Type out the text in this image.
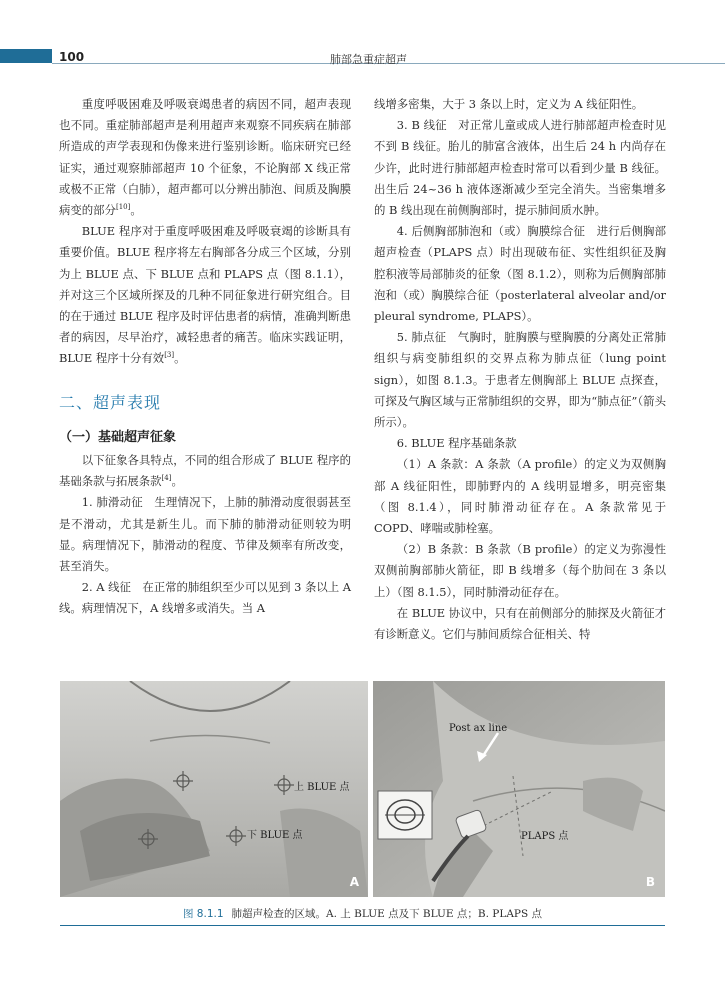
100	肺部急重症超声

重度呼吸困难及呼吸衰竭患者的病因不同，超声表现也不同。重症肺部超声是利用超声来观察不同疾病在肺部所造成的声学表现和伪像来进行鉴别诊断。临床研究已经证实，通过观察肺部超声 10 个征象，不论胸部 X 线正常或极不正常（白肺），超声都可以分辨出肺泡、间质及胸膜病变的部分[10]。

BLUE 程序对于重度呼吸困难及呼吸衰竭的诊断具有重要价值。BLUE 程序将左右胸部各分成三个区域，分别为上 BLUE 点、下 BLUE 点和 PLAPS 点（图 8.1.1），并对这三个区域所探及的几种不同征象进行研究组合。目的在于通过 BLUE 程序及时评估患者的病情，准确判断患者的病因，尽早治疗，减轻患者的痛苦。临床实践证明，BLUE 程序十分有效[3]。

二、超声表现
（一）基础超声征象

以下征象各具特点，不同的组合形成了 BLUE 程序的基础条款与拓展条款[4]。

1. 肺滑动征　生理情况下，上肺的肺滑动度很弱甚至是不滑动，尤其是新生儿。而下肺的肺滑动征则较为明显。病理情况下，肺滑动的程度、节律及频率有所改变，甚至消失。

2. A 线征　在正常的肺组织至少可以见到 3 条以上 A 线。病理情况下，A 线增多或消失。当 A

线增多密集，大于 3 条以上时，定义为 A 线征阳性。

3. B 线征　对正常儿童或成人进行肺部超声检查时见不到 B 线征。胎儿的肺富含液体，出生后 24 h 内尚存在少许，此时进行肺部超声检查时常可以看到少量 B 线征。出生后 24~36 h 液体逐渐减少至完全消失。当密集增多的 B 线出现在前侧胸部时，提示肺间质水肿。

4. 后侧胸部肺泡和（或）胸膜综合征　进行后侧胸部超声检查（PLAPS 点）时出现破布征、实性组织征及胸腔积液等局部肺炎的征象（图 8.1.2），则称为后侧胸部肺泡和（或）胸膜综合征（posterlateral alveolar and/or pleural syndrome, PLAPS）。

5. 肺点征　气胸时，脏胸膜与壁胸膜的分离处正常肺组织与病变肺组织的交界点称为肺点征（lung point sign），如图 8.1.3。于患者左侧胸部上 BLUE 点探查，可探及气胸区域与正常肺组织的交界，即为“肺点征”（箭头所示）。

6. BLUE 程序基础条款

（1）A 条款：A 条款（A profile）的定义为双侧胸部 A 线征阳性，即肺野内的 A 线明显增多，明亮密集（图 8.1.4），同时肺滑动征存在。A 条款常见于 COPD、哮喘或肺栓塞。

（2）B 条款：B 条款（B profile）的定义为弥漫性双侧前胸部肺火箭征，即 B 线增多（每个肋间在 3 条以上）（图 8.1.5），同时肺滑动征存在。

在 BLUE 协议中，只有在前侧部分的肺探及火箭征才有诊断意义。它们与肺间质综合征相关、特

上 BLUE 点
下 BLUE 点
A
Post ax line
PLAPS 点
B
图 8.1.1 肺超声检查的区域。A. 上 BLUE 点及下 BLUE 点；B. PLAPS 点
